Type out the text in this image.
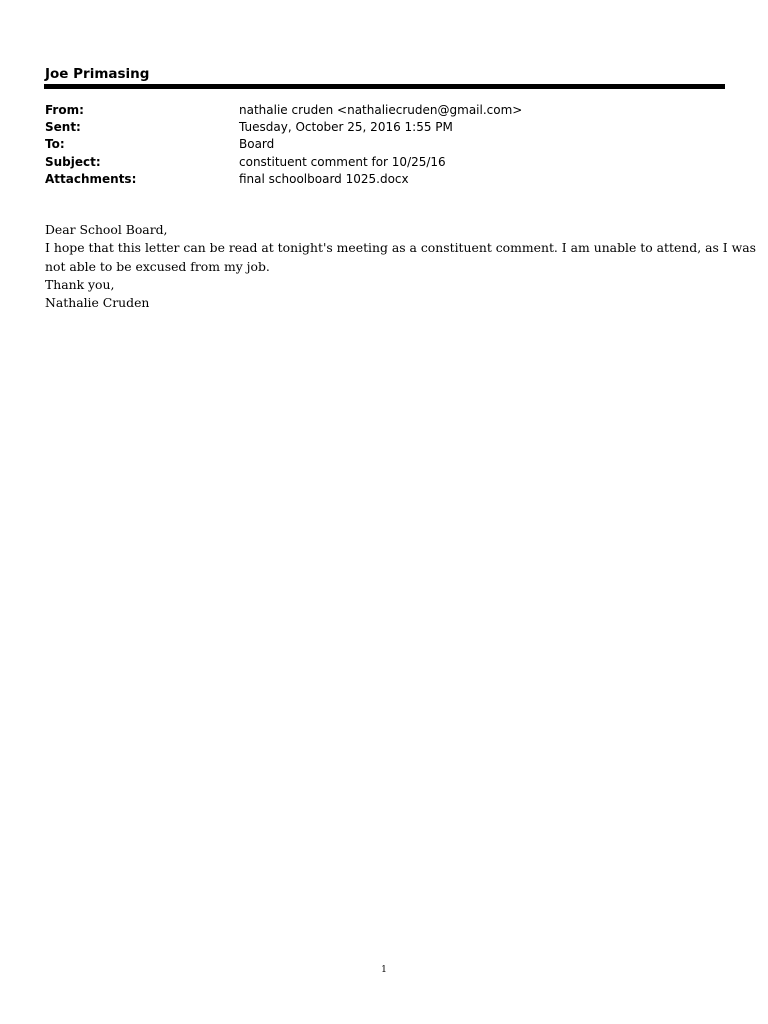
Joe Primasing
From:	nathalie cruden <nathaliecruden@gmail.com>
Sent:	Tuesday, October 25, 2016 1:55 PM
To:	Board
Subject:	constituent comment for 10/25/16
Attachments:	final schoolboard 1025.docx
Dear School Board,
I hope that this letter can be read at tonight's meeting as a constituent comment. I am unable to attend, as I was
not able to be excused from my job.
Thank you,
Nathalie Cruden
1
